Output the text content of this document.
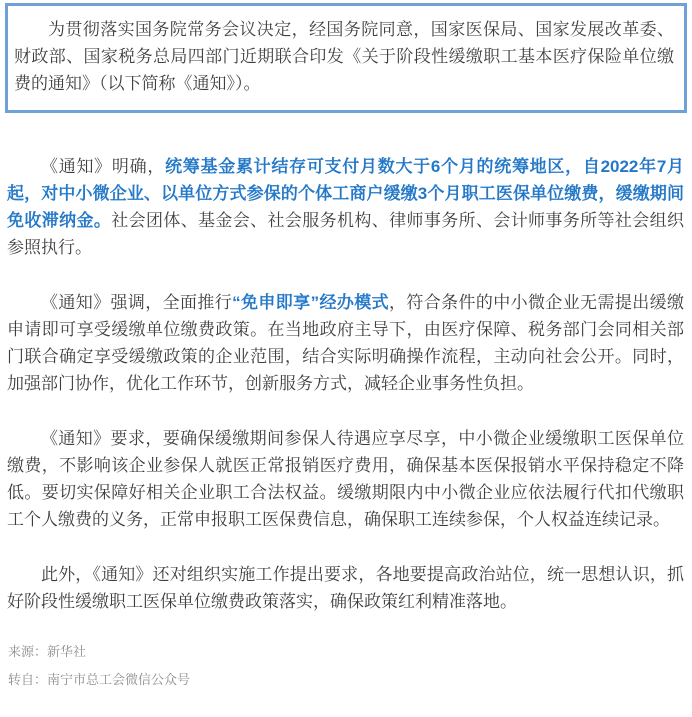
为贯彻落实国务院常务会议决定，经国务院同意，国家医保局、国家发展改革委、财政部、国家税务总局四部门近期联合印发《关于阶段性缓缴职工基本医疗保险单位缴费的通知》（以下简称《通知》）。

《通知》明确，统筹基金累计结存可支付月数大于6个月的统筹地区，自2022年7月起，对中小微企业、以单位方式参保的个体工商户缓缴3个月职工医保单位缴费，缓缴期间免收滞纳金。社会团体、基金会、社会服务机构、律师事务所、会计师事务所等社会组织参照执行。

《通知》强调，全面推行“免申即享”经办模式，符合条件的中小微企业无需提出缓缴申请即可享受缓缴单位缴费政策。在当地政府主导下，由医疗保障、税务部门会同相关部门联合确定享受缓缴政策的企业范围，结合实际明确操作流程，主动向社会公开。同时，加强部门协作，优化工作环节，创新服务方式，减轻企业事务性负担。

《通知》要求，要确保缓缴期间参保人待遇应享尽享，中小微企业缓缴职工医保单位缴费，不影响该企业参保人就医正常报销医疗费用，确保基本医保报销水平保持稳定不降低。要切实保障好相关企业职工合法权益。缓缴期限内中小微企业应依法履行代扣代缴职工个人缴费的义务，正常申报职工医保费信息，确保职工连续参保，个人权益连续记录。

此外，《通知》还对组织实施工作提出要求，各地要提高政治站位，统一思想认识，抓好阶段性缓缴职工医保单位缴费政策落实，确保政策红利精准落地。

来源：新华社

转自：南宁市总工会微信公众号
